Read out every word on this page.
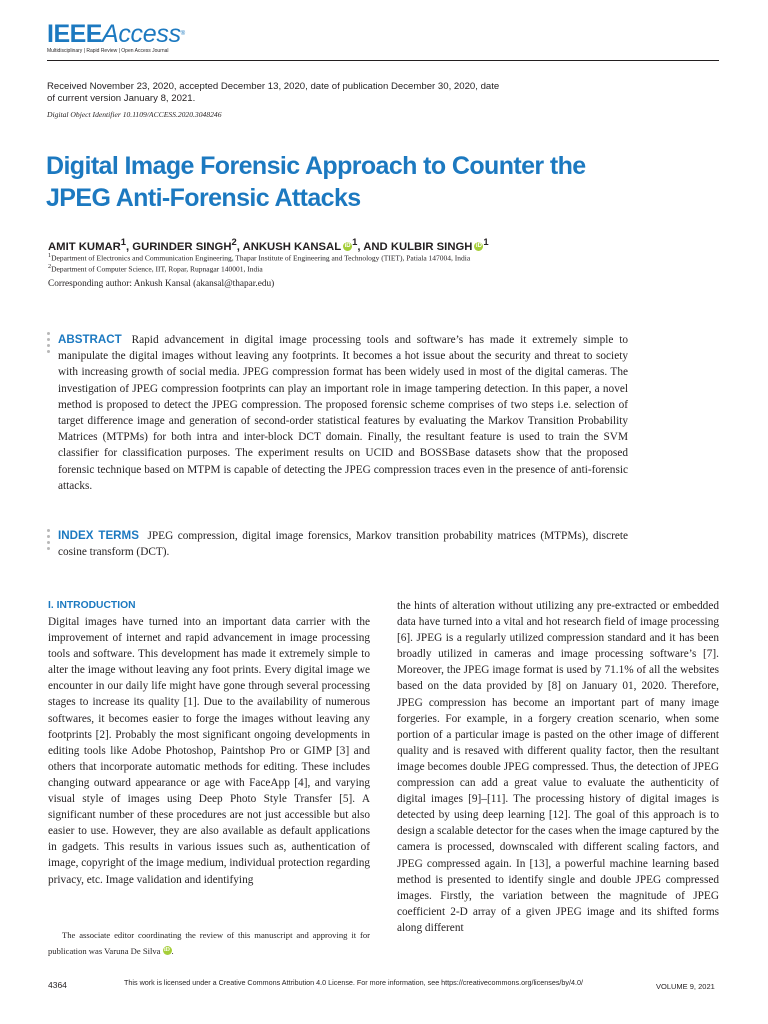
IEEEAccess®
Multidisciplinary | Rapid Review | Open Access Journal
Received November 23, 2020, accepted December 13, 2020, date of publication December 30, 2020, date of current version January 8, 2021.
Digital Object Identifier 10.1109/ACCESS.2020.3048246
Digital Image Forensic Approach to Counter the JPEG Anti-Forensic Attacks
AMIT KUMAR$^1$, GURINDER SINGH$^2$, ANKUSH KANSAL iD $^1$, AND KULBIR SINGH iD $^1$
$^1$Department of Electronics and Communication Engineering, Thapar Institute of Engineering and Technology (TIET), Patiala 147004, India
$^2$Department of Computer Science, IIT, Ropar, Rupnagar 140001, India
Corresponding author: Ankush Kansal (akansal@thapar.edu)
ABSTRACT Rapid advancement in digital image processing tools and software’s has made it extremely simple to manipulate the digital images without leaving any footprints. It becomes a hot issue about the security and threat to society with increasing growth of social media. JPEG compression format has been widely used in most of the digital cameras. The investigation of JPEG compression footprints can play an important role in image tampering detection. In this paper, a novel method is proposed to detect the JPEG compression. The proposed forensic scheme comprises of two steps i.e. selection of target difference image and generation of second-order statistical features by evaluating the Markov Transition Probability Matrices (MTPMs) for both intra and inter-block DCT domain. Finally, the resultant feature is used to train the SVM classifier for classification purposes. The experiment results on UCID and BOSSBase datasets show that the proposed forensic technique based on MTPM is capable of detecting the JPEG compression traces even in the presence of anti-forensic attacks.
INDEX TERMS JPEG compression, digital image forensics, Markov transition probability matrices (MTPMs), discrete cosine transform (DCT).

I. INTRODUCTION

Digital images have turned into an important data carrier with the improvement of internet and rapid advancement in image processing tools and software. This development has made it extremely simple to alter the image without leaving any foot prints. Every digital image we encounter in our daily life might have gone through several processing stages to increase its quality [1]. Due to the availability of numerous softwares, it becomes easier to forge the images without leaving any footprints [2]. Probably the most significant ongoing developments in editing tools like Adobe Photoshop, Paintshop Pro or GIMP [3] and others that incorporate automatic methods for editing. These includes changing outward appearance or age with FaceApp [4], and varying visual style of images using Deep Photo Style Transfer [5]. A significant number of these procedures are not just accessible but also easier to use. However, they are also available as default applications in gadgets. This results in various issues such as, authentication of image, copyright of the image medium, individual protection regarding privacy, etc. Image validation and identifying

the hints of alteration without utilizing any pre-extracted or embedded data have turned into a vital and hot research field of image processing [6]. JPEG is a regularly utilized compression standard and it has been broadly utilized in cameras and image processing software’s [7]. Moreover, the JPEG image format is used by 71.1% of all the websites based on the data provided by [8] on January 01, 2020. Therefore, JPEG compression has become an important part of many image forgeries. For example, in a forgery creation scenario, when some portion of a particular image is pasted on the other image of different quality and is resaved with different quality factor, then the resultant image becomes double JPEG compressed. Thus, the detection of JPEG compression can add a great value to evaluate the authenticity of digital images [9]–[11]. The processing history of digital images is detected by using deep learning [12]. The goal of this approach is to design a scalable detector for the cases when the image captured by the camera is processed, downscaled with different scaling factors, and JPEG compressed again. In [13], a powerful machine learning based method is presented to identify single and double JPEG compressed images. Firstly, the variation between the magnitude of JPEG coefficient 2-D array of a given JPEG image and its shifted forms along different

The associate editor coordinating the review of this manuscript and approving it for publication was Varuna De Silva iD .
4364	This work is licensed under a Creative Commons Attribution 4.0 License. For more information, see https://creativecommons.org/licenses/by/4.0/	VOLUME 9, 2021
